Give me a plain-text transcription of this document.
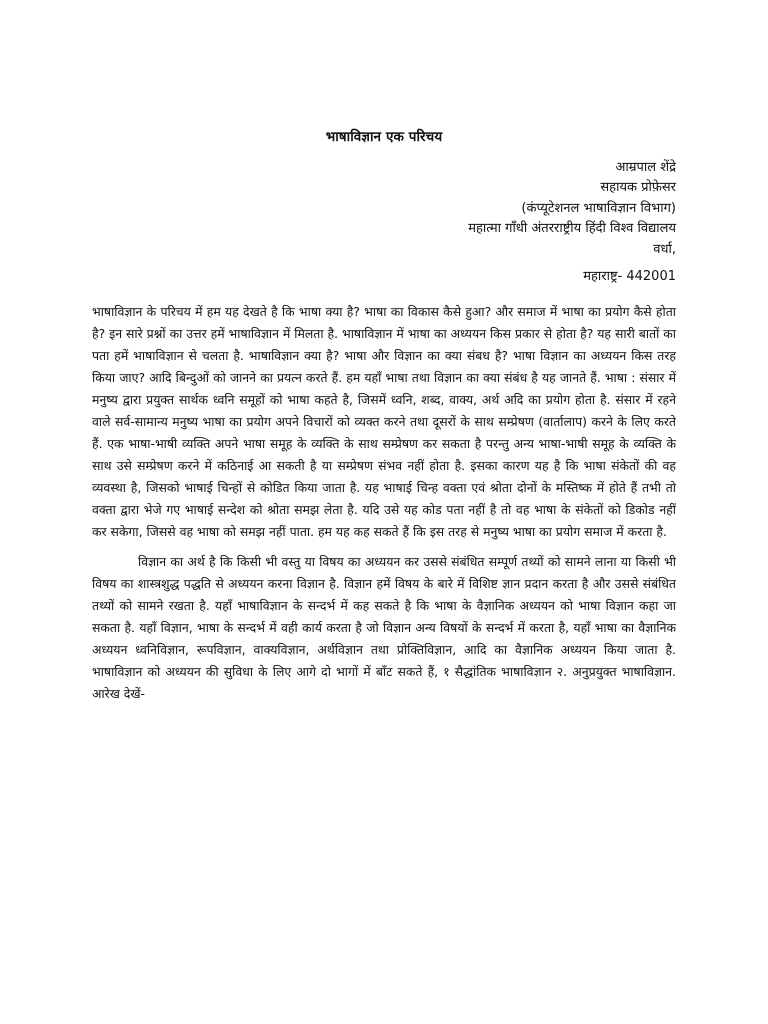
भाषाविज्ञान एक परिचय
आम्रपाल शेंद्रे
सहायक प्रोफ़ेसर
(कंप्यूटेशनल भाषाविज्ञान विभाग)
महात्मा गाँधी अंतरराष्ट्रीय हिंदी विश्व विद्यालय
वर्धा,
महाराष्ट्र- 442001

भाषाविज्ञान के परिचय में हम यह देखते है कि भाषा क्या है? भाषा का विकास कैसे हुआ? और समाज में भाषा का प्रयोग कैसे होता है? इन सारे प्रश्नों का उत्तर हमें भाषाविज्ञान में मिलता है. भाषाविज्ञान में भाषा का अध्ययन किस प्रकार से होता है? यह सारी बातों का पता हमें भाषाविज्ञान से चलता है. भाषाविज्ञान क्या है? भाषा और विज्ञान का क्या संबध है? भाषा विज्ञान का अध्ययन किस तरह किया जाए? आदि बिन्दुओं को जानने का प्रयत्न करते हैं. हम यहाँ भाषा तथा विज्ञान का क्या संबंध है यह जानते हैं. भाषा : संसार में मनुष्य द्वारा प्रयुक्त सार्थक ध्वनि समूहों को भाषा कहते है, जिसमें ध्वनि, शब्द, वाक्य, अर्थ अदि का प्रयोग होता है. संसार में रहने वाले सर्व-सामान्य मनुष्य भाषा का प्रयोग अपने विचारों को व्यक्त करने तथा दूसरों के साथ सम्प्रेषण (वार्तालाप) करने के लिए करते हैं. एक भाषा-भाषी व्यक्ति अपने भाषा समूह के व्यक्ति के साथ सम्प्रेषण कर सकता है परन्तु अन्य भाषा-भाषी समूह के व्यक्ति के साथ उसे सम्प्रेषण करने में कठिनाई आ सकती है या सम्प्रेषण संभव नहीं होता है. इसका कारण यह है कि भाषा संकेतों की वह व्यवस्था है, जिसको भाषाई चिन्हों से कोडित किया जाता है. यह भाषाई चिन्ह वक्ता एवं श्रोता दोनों के मस्तिष्क में होते हैं तभी तो वक्ता द्वारा भेजे गए भाषाई सन्देश को श्रोता समझ लेता है. यदि उसे यह कोड पता नहीं है तो वह भाषा के संकेतों को डिकोड नहीं कर सकेगा, जिससे वह भाषा को समझ नहीं पाता. हम यह कह सकते हैं कि इस तरह से मनुष्य भाषा का प्रयोग समाज में करता है.

विज्ञान का अर्थ है कि किसी भी वस्तु या विषय का अध्ययन कर उससे संबंधित सम्पूर्ण तथ्यों को सामने लाना या किसी भी विषय का शास्त्रशुद्ध पद्धति से अध्ययन करना विज्ञान है. विज्ञान हमें विषय के बारे में विशिष्ट ज्ञान प्रदान करता है और उससे संबंधित तथ्यों को सामने रखता है. यहाँ भाषाविज्ञान के सन्दर्भ में कह सकते है कि भाषा के वैज्ञानिक अध्ययन को भाषा विज्ञान कहा जा सकता है. यहाँ विज्ञान, भाषा के सन्दर्भ में वही कार्य करता है जो विज्ञान अन्य विषयों के सन्दर्भ में करता है, यहाँ भाषा का वैज्ञानिक अध्ययन ध्वनिविज्ञान, रूपविज्ञान, वाक्यविज्ञान, अर्थविज्ञान तथा प्रोक्तिविज्ञान, आदि का वैज्ञानिक अध्ययन किया जाता है. भाषाविज्ञान को अध्ययन की सुविधा के लिए आगे दो भागों में बाँट सकते हैं, १ सैद्धांतिक भाषाविज्ञान २. अनुप्रयुक्त भाषाविज्ञान. आरेख देखें-
